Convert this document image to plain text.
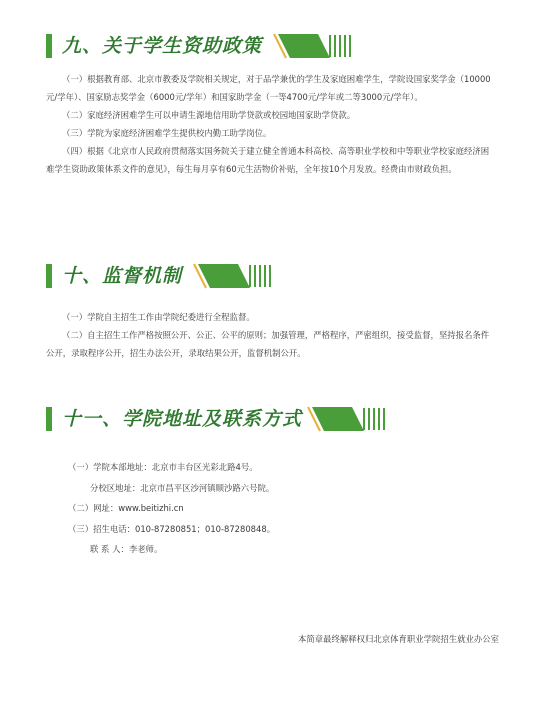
九、关于学生资助政策

（一）根据教育部、北京市教委及学院相关规定，对于品学兼优的学生及家庭困难学生，学院设国家奖学金（10000元/学年）、国家励志奖学金（6000元/学年）和国家助学金（一等4700元/学年或二等3000元/学年）。

（二）家庭经济困难学生可以申请生源地信用助学贷款或校园地国家助学贷款。

（三）学院为家庭经济困难学生提供校内勤工助学岗位。

（四）根据《北京市人民政府贯彻落实国务院关于建立健全普通本科高校、高等职业学校和中等职业学校家庭经济困难学生资助政策体系文件的意见》，每生每月享有60元生活物价补贴，全年按10个月发放。经费由市财政负担。

十、监督机制

（一）学院自主招生工作由学院纪委进行全程监督。

（二）自主招生工作严格按照公开、公正、公平的原则；加强管理，严格程序，严密组织，接受监督，坚持报名条件公开，录取程序公开，招生办法公开，录取结果公开，监督机制公开。

十一、学院地址及联系方式
（一）学院本部地址：北京市丰台区光彩北路4号。
分校区地址：北京市昌平区沙河镇顺沙路六号院。
（二）网址：www.beitizhi.cn
（三）招生电话：010-87280851；010-87280848。
联 系 人：李老师。
本简章最终解释权归北京体育职业学院招生就业办公室
